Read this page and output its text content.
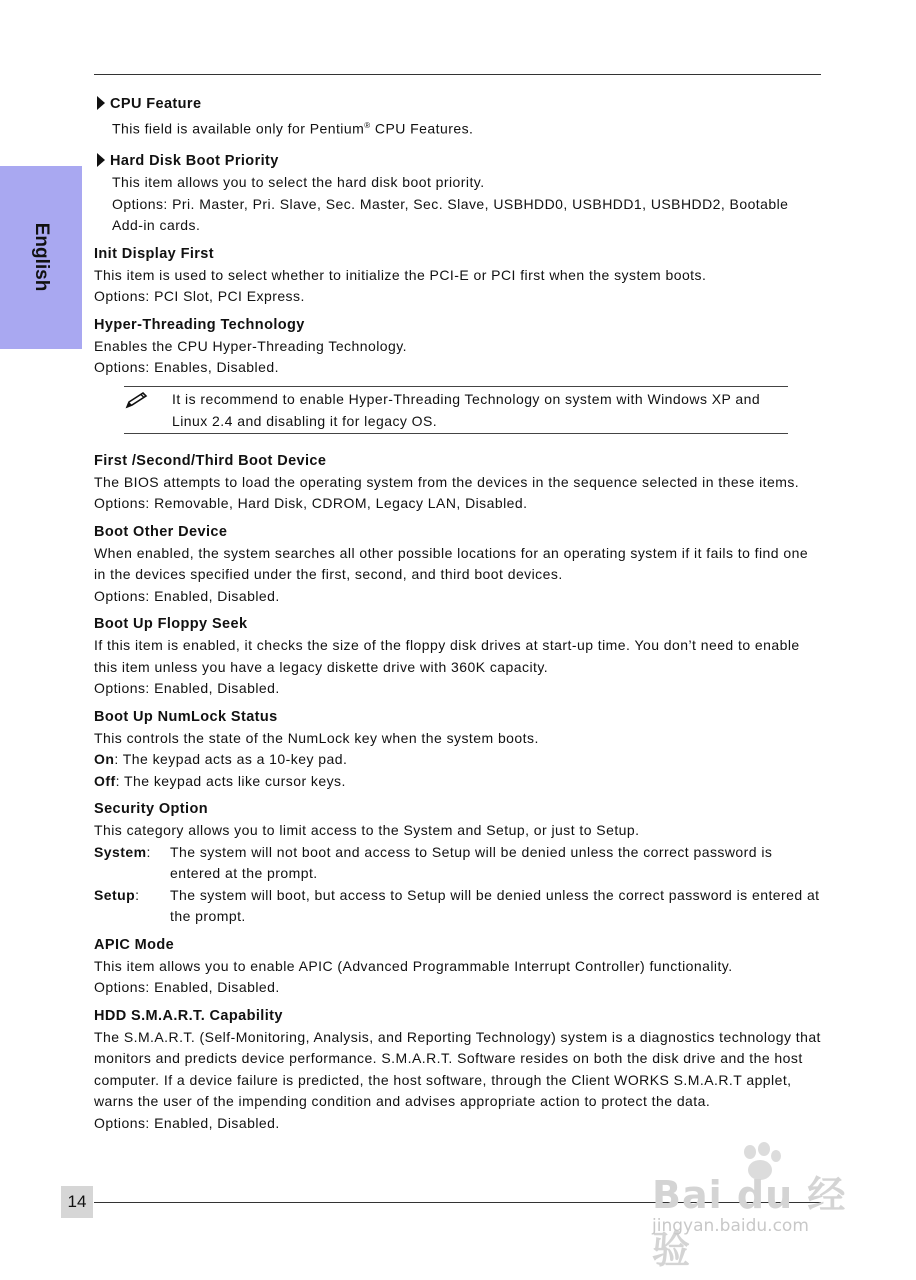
English
CPU Feature
This field is available only for Pentium® CPU Features.
Hard Disk Boot Priority
This item allows you to select the hard disk boot priority.
Options: Pri. Master, Pri. Slave, Sec. Master, Sec. Slave, USBHDD0, USBHDD1, USBHDD2, Bootable Add-in cards.
Init Display First
This item is used to select whether to initialize the PCI-E or PCI first when the system boots.
Options: PCI Slot, PCI Express.
Hyper-Threading Technology
Enables the CPU Hyper-Threading Technology.
Options: Enables, Disabled.
It is recommend to enable Hyper-Threading Technology on system with Windows XP and Linux 2.4 and disabling it for legacy OS.
First /Second/Third Boot Device
The BIOS attempts to load the operating system from the devices in the sequence selected in these items.
Options: Removable, Hard Disk, CDROM, Legacy LAN, Disabled.
Boot Other Device
When enabled, the system searches all other possible locations for an operating system if it fails to find one in the devices specified under the first, second, and third boot devices.
Options: Enabled, Disabled.
Boot Up Floppy Seek
If this item is enabled, it checks the size of the floppy disk drives at start-up time. You don’t need to enable this item unless you have a legacy diskette drive with 360K capacity.
Options: Enabled, Disabled.
Boot Up NumLock Status
This controls the state of the NumLock key when the system boots.
On: The keypad acts as a 10-key pad.
Off: The keypad acts like cursor keys.
Security Option
This category allows you to limit access to the System and Setup, or just to Setup.
System:	The system will not boot and access to Setup will be denied unless the correct password is entered at the prompt.
Setup:	The system will boot, but access to Setup will be denied unless the correct password is entered at the prompt.
APIC Mode
This item allows you to enable APIC (Advanced Programmable Interrupt Controller) functionality.
Options: Enabled, Disabled.
HDD S.M.A.R.T. Capability
The S.M.A.R.T. (Self-Monitoring, Analysis, and Reporting Technology) system is a diagnostics technology that monitors and predicts device performance. S.M.A.R.T. Software resides on both the disk drive and the host computer. If a device failure is predicted, the host software, through the Client WORKS S.M.A.R.T applet, warns the user of the impending condition and advises appropriate action to protect the data.
Options: Enabled, Disabled.
14	Bai du 经验
jingyan.baidu.com
